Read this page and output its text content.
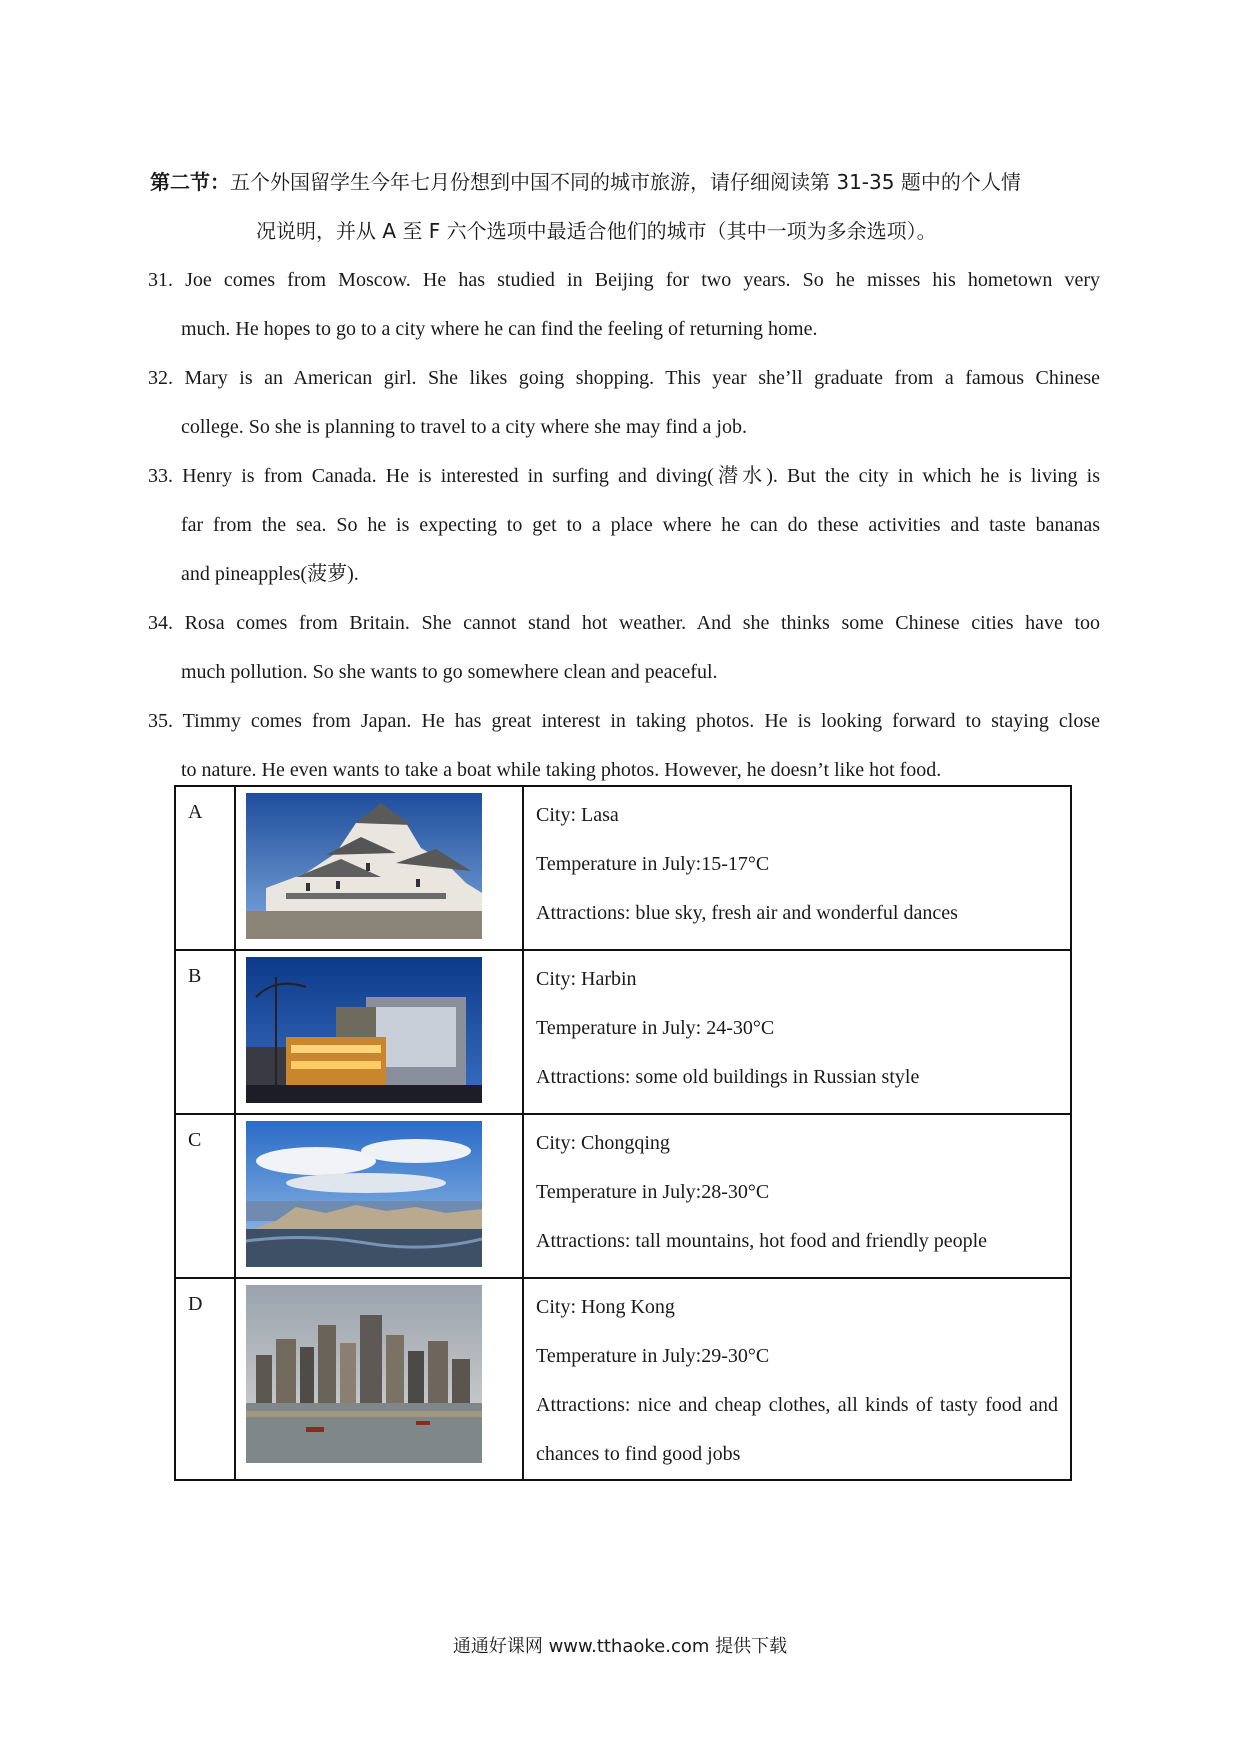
第二节：五个外国留学生今年七月份想到中国不同的城市旅游，请仔细阅读第 31-35 题中的个人情
况说明，并从 A 至 F 六个选项中最适合他们的城市（其中一项为多余选项）。
31. Joe comes from Moscow. He has studied in Beijing for two years. So he misses his hometown very
much. He hopes to go to a city where he can find the feeling of returning home.
32. Mary is an American girl. She likes going shopping. This year she’ll graduate from a famous Chinese
college. So she is planning to travel to a city where she may find a job.
33. Henry is from Canada. He is interested in surfing and diving(潜水). But the city in which he is living is
far from the sea. So he is expecting to get to a place where he can do these activities and taste bananas
and pineapples(菠萝).
34. Rosa comes from Britain. She cannot stand hot weather. And she thinks some Chinese cities have too
much pollution. So she wants to go somewhere clean and peaceful.
35. Timmy comes from Japan. He has great interest in taking photos. He is looking forward to staying close
to nature. He even wants to take a boat while taking photos. However, he doesn’t like hot food.
A		City: Lasa
Temperature in July:15-17°C
Attractions: blue sky, fresh air and wonderful dances

B		City: Harbin
Temperature in July: 24-30°C
Attractions: some old buildings in Russian style

C		City: Chongqing
Temperature in July:28-30°C
Attractions: tall mountains, hot food and friendly people

D		City: Hong Kong
Temperature in July:29-30°C
Attractions: nice and cheap clothes, all kinds of tasty food and chances to find good jobs
通通好课网 www.tthaoke.com 提供下载
